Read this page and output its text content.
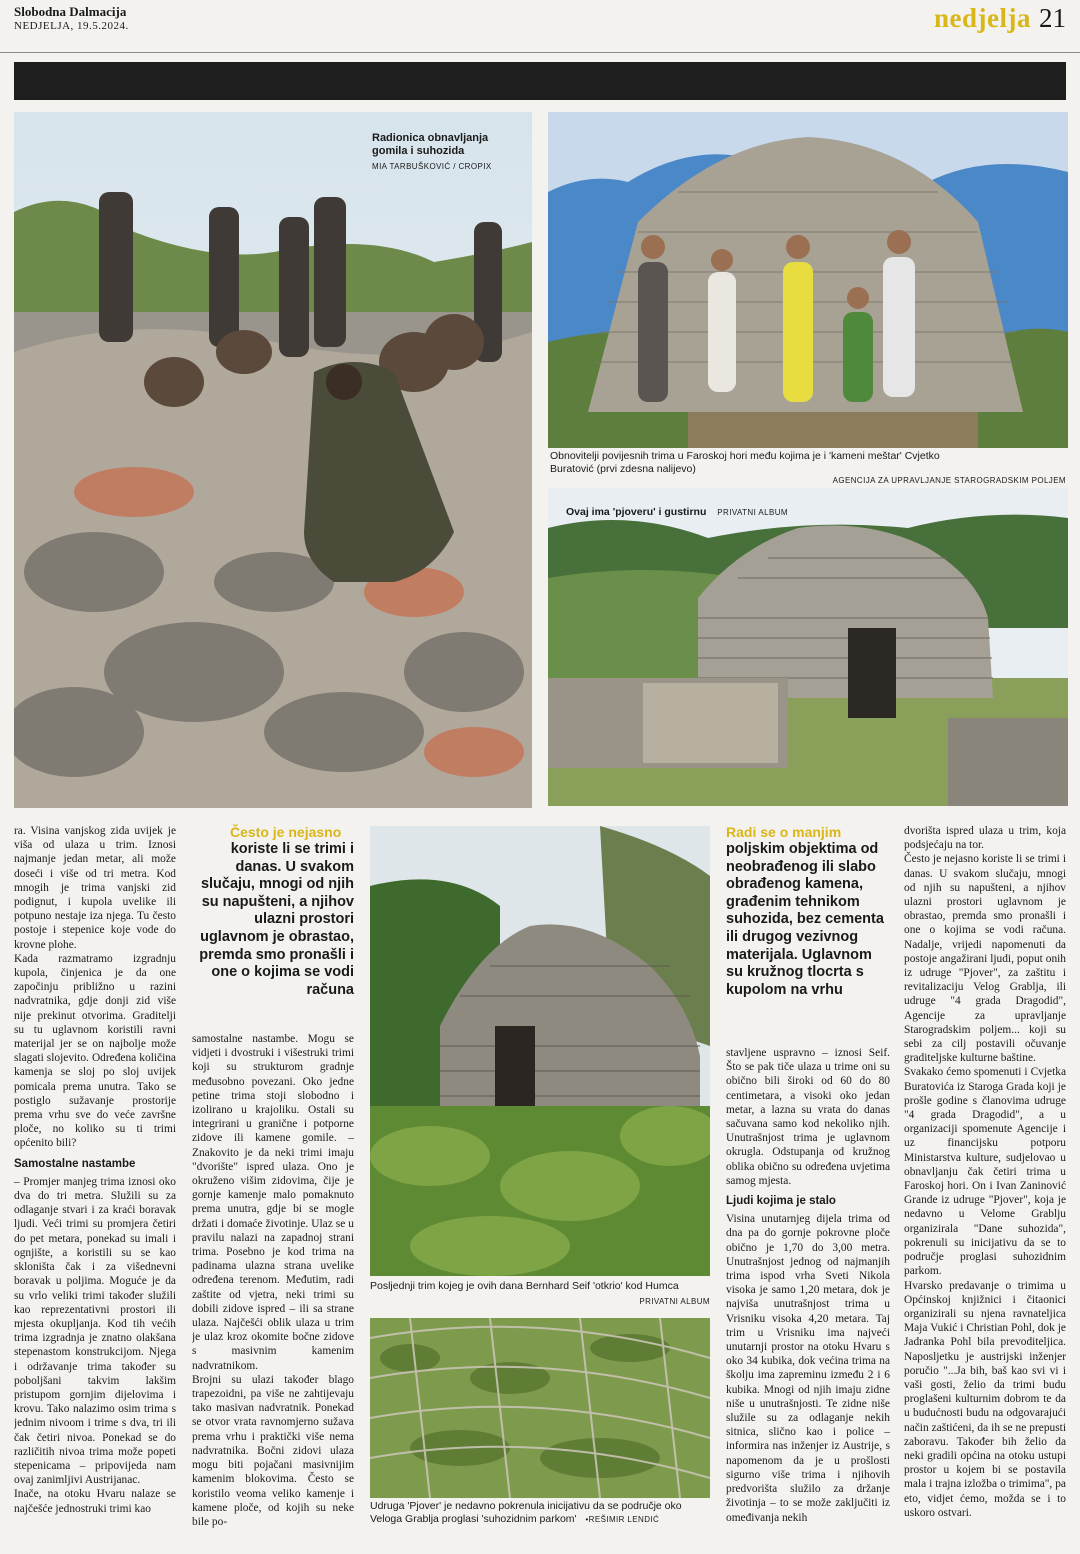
Slobodna Dalmacija
NEDJELJA, 19.5.2024.	nedjelja 21
Radionica obnavljanja gomila i suhozida
MIA TARBUŠKOVIĆ / CROPIX
Obnovitelji povijesnih trima u Faroskoj hori među kojima je i 'kameni meštar' Cvjetko Buratović (prvi zdesna nalijevo)
AGENCIJA ZA UPRAVLJANJE STAROGRADSKIM POLJEM
Ovaj ima 'pjoveru' i gustirnu PRIVATNI ALBUM
Posljednji trim kojeg je ovih dana Bernhard Seif 'otkrio' kod Humca
PRIVATNI ALBUM
Udruga 'Pjover' je nedavno pokrenula inicijativu da se područje oko Veloga Grablja proglasi 'suhozidnim parkom' •REŠIMIR LENDIĆ

ra. Visina vanjskog zida uvijek je viša od ulaza u trim. Iznosi najmanje jedan metar, ali može doseći i više od tri metra. Kod mnogih je trima vanjski zid podignut, i kupola uvelike ili potpuno nestaje iza njega. Tu često postoje i stepenice koje vode do krovne plohe.

Kada razmatramo izgradnju kupola, činjenica je da one započinju približno u razini nadvratnika, gdje donji zid više nije prekinut otvorima. Graditelji su tu uglavnom koristili ravni materijal jer se on najbolje može slagati slojevito. Određena količina kamenja se sloj po sloj uvijek pomicala prema unutra. Tako se postiglo sužavanje prostorije prema vrhu sve do veće završne ploče, no koliko su ti trimi općenito bili?

Samostalne nastambe

– Promjer manjeg trima iznosi oko dva do tri metra. Služili su za odlaganje stvari i za kraći boravak ljudi. Veći trimi su promjera četiri do pet metara, ponekad su imali i ognjište, a koristili su se kao skloništa čak i za višednevni boravak u poljima. Moguće je da su vrlo veliki trimi također služili kao reprezentativni prostori ili mjesta okupljanja. Kod tih većih trima izgradnja je znatno olakšana stepenastom konstrukcijom. Njega i održavanje trima također su poboljšani takvim lakšim pristupom gornjim dijelovima i krovu. Tako nalazimo osim trima s jednim nivoom i trime s dva, tri ili čak četiri nivoa. Ponekad se do različitih nivoa trima može popeti stepenicama – pripovijeda nam ovaj zanimljivi Austrijanac.

Inače, na otoku Hvaru nalaze se najčešće jednostruki trimi kao

Često je nejasno
koriste li se trimi i danas. U svakom slučaju, mnogi od njih su napušteni, a njihov ulazni prostori uglavnom je obrastao, premda smo pronašli i one o kojima se vodi računa

samostalne nastambe. Mogu se vidjeti i dvostruki i višestruki trimi koji su strukturom gradnje međusobno povezani. Oko jedne petine trima stoji slobodno i izolirano u krajoliku. Ostali su integrirani u granične i potporne zidove ili kamene gomile. – Znakovito je da neki trimi imaju "dvorište" ispred ulaza. Ono je okruženo višim zidovima, čije je gornje kamenje malo pomaknuto prema unutra, gdje bi se mogle držati i domaće životinje. Ulaz se u pravilu nalazi na zapadnoj strani trima. Posebno je kod trima na padinama ulazna strana uvelike određena terenom. Međutim, radi zaštite od vjetra, neki trimi su dobili zidove ispred – ili sa strane ulaza. Najčešći oblik ulaza u trim je ulaz kroz okomite bočne zidove s masivnim kamenim nadvratnikom.

Brojni su ulazi također blago trapezoidni, pa više ne zahtijevaju tako masivan nadvratnik. Ponekad se otvor vrata ravnomjerno sužava prema vrhu i praktički više nema nadvratnika. Bočni zidovi ulaza mogu biti pojačani masivnijim kamenim blokovima. Često se koristilo veoma veliko kamenje i kamene ploče, od kojih su neke bile po-

Radi se o manjim
poljskim objektima od neobrađenog ili slabo obrađenog kamena, građenim tehnikom suhozida, bez cementa ili drugog vezivnog materijala. Uglavnom su kružnog tlocrta s kupolom na vrhu

stavljene uspravno – iznosi Seif. Što se pak tiče ulaza u trime oni su obično bili široki od 60 do 80 centimetara, a visoki oko jedan metar, a lazna su vrata do danas sačuvana samo kod nekoliko njih. Unutrašnjost trima je uglavnom okrugla. Odstupanja od kružnog oblika obično su određena uvjetima samog mjesta.

Ljudi kojima je stalo

Visina unutarnjeg dijela trima od dna pa do gornje pokrovne ploče obično je 1,70 do 3,00 metra. Unutrašnjost jednog od najmanjih trima ispod vrha Sveti Nikola visoka je samo 1,20 metara, dok je najviša unutrašnjost trima u Vrisniku visoka 4,20 metara. Taj trim u Vrisniku ima najveći unutarnji prostor na otoku Hvaru s oko 34 kubika, dok većina trima na školju ima zapreminu između 2 i 6 kubika. Mnogi od njih imaju zidne niše u unutrašnjosti. Te zidne niše služile su za odlaganje nekih sitnica, slično kao i police – informira nas inženjer iz Austrije, s napomenom da je u prošlosti sigurno više trima i njihovih predvorišta služilo za držanje životinja – to se može zaključiti iz omeđivanja nekih

dvorišta ispred ulaza u trim, koja podsjećaju na tor.

Često je nejasno koriste li se trimi i danas. U svakom slučaju, mnogi od njih su napušteni, a njihov ulazni prostori uglavnom je obrastao, premda smo pronašli i one o kojima se vodi računa. Nadalje, vrijedi napomenuti da postoje angažirani ljudi, poput onih iz udruge "Pjover", za zaštitu i revitalizaciju Velog Grablja, ili udruge "4 grada Dragodid", Agencije za upravljanje Starogradskim poljem... koji su sebi za cilj postavili očuvanje graditeljske kulturne baštine.

Svakako ćemo spomenuti i Cvjetka Buratovića iz Staroga Grada koji je prošle godine s članovima udruge "4 grada Dragodid", a u organizaciji spomenute Agencije i uz financijsku potporu Ministarstva kulture, sudjelovao u obnavljanju čak četiri trima u Faroskoj hori. On i Ivan Zaninović Grande iz udruge "Pjover", koja je nedavno u Velome Grablju organizirala "Dane suhozida", pokrenuli su inicijativu da se to područje proglasi suhozidnim parkom.

Hvarsko predavanje o trimima u Općinskoj knjižnici i čitaonici organizirali su njena ravnateljica Maja Vukić i Christian Pohl, dok je Jadranka Pohl bila prevoditeljica. Naposljetku je austrijski inženjer poručio "...Ja bih, baš kao svi vi i vaši gosti, želio da trimi budu proglašeni kulturnim dobrom te da u budućnosti budu na odgovarajući način zaštićeni, da ih se ne prepusti zaboravu. Također bih želio da neki gradili općina na otoku ustupi prostor u kojem bi se postavila mala i trajna izložba o trimima", pa eto, vidjet ćemo, možda se i to uskoro ostvari.
